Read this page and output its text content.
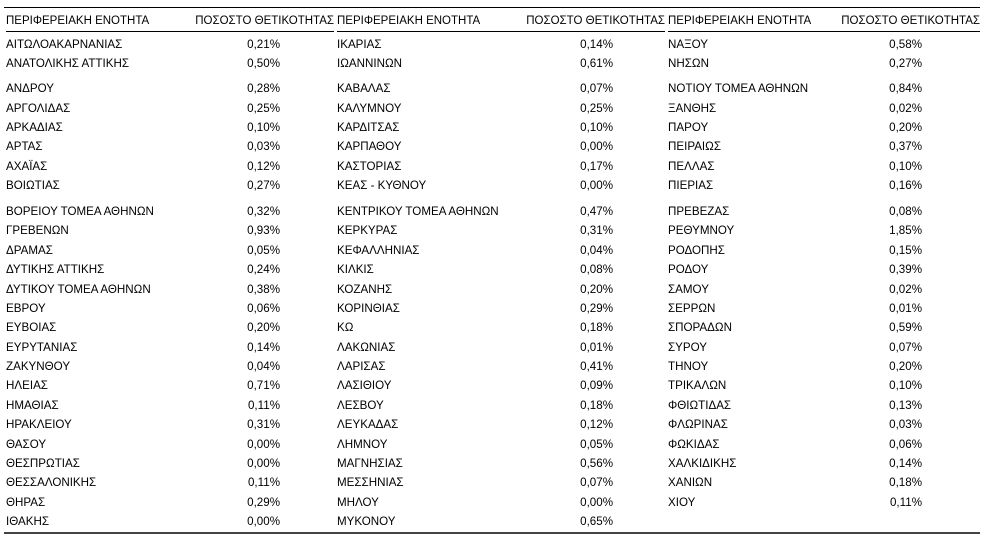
ΠΕΡΙΦΕΡΕΙΑΚΗ ΕΝΟΤΗΤΑ	ΠΟΣΟΣΤΟ ΘΕΤΙΚΟΤΗΤΑΣ
ΑΙΤΩΛΟΑΚΑΡΝΑΝΙΑΣ	0,21%
ΑΝΑΤΟΛΙΚΗΣ ΑΤΤΙΚΗΣ	0,50%
ΑΝΔΡΟΥ	0,28%
ΑΡΓΟΛΙΔΑΣ	0,25%
ΑΡΚΑΔΙΑΣ	0,10%
ΑΡΤΑΣ	0,03%
ΑΧΑΪΑΣ	0,12%
ΒΟΙΩΤΙΑΣ	0,27%
ΒΟΡΕΙΟΥ ΤΟΜΕΑ ΑΘΗΝΩΝ	0,32%
ΓΡΕΒΕΝΩΝ	0,93%
ΔΡΑΜΑΣ	0,05%
ΔΥΤΙΚΗΣ ΑΤΤΙΚΗΣ	0,24%
ΔΥΤΙΚΟΥ ΤΟΜΕΑ ΑΘΗΝΩΝ	0,38%
ΕΒΡΟΥ	0,06%
ΕΥΒΟΙΑΣ	0,20%
ΕΥΡΥΤΑΝΙΑΣ	0,14%
ΖΑΚΥΝΘΟΥ	0,04%
ΗΛΕΙΑΣ	0,71%
ΗΜΑΘΙΑΣ	0,11%
ΗΡΑΚΛΕΙΟΥ	0,31%
ΘΑΣΟΥ	0,00%
ΘΕΣΠΡΩΤΙΑΣ	0,00%
ΘΕΣΣΑΛΟΝΙΚΗΣ	0,11%
ΘΗΡΑΣ	0,29%
ΙΘΑΚΗΣ	0,00%
ΠΕΡΙΦΕΡΕΙΑΚΗ ΕΝΟΤΗΤΑ	ΠΟΣΟΣΤΟ ΘΕΤΙΚΟΤΗΤΑΣ
ΙΚΑΡΙΑΣ	0,14%
ΙΩΑΝΝΙΝΩΝ	0,61%
ΚΑΒΑΛΑΣ	0,07%
ΚΑΛΥΜΝΟΥ	0,25%
ΚΑΡΔΙΤΣΑΣ	0,10%
ΚΑΡΠΑΘΟΥ	0,00%
ΚΑΣΤΟΡΙΑΣ	0,17%
ΚΕΑΣ - ΚΥΘΝΟΥ	0,00%
ΚΕΝΤΡΙΚΟΥ ΤΟΜΕΑ ΑΘΗΝΩΝ	0,47%
ΚΕΡΚΥΡΑΣ	0,31%
ΚΕΦΑΛΛΗΝΙΑΣ	0,04%
ΚΙΛΚΙΣ	0,08%
ΚΟΖΑΝΗΣ	0,20%
ΚΟΡΙΝΘΙΑΣ	0,29%
ΚΩ	0,18%
ΛΑΚΩΝΙΑΣ	0,01%
ΛΑΡΙΣΑΣ	0,41%
ΛΑΣΙΘΙΟΥ	0,09%
ΛΕΣΒΟΥ	0,18%
ΛΕΥΚΑΔΑΣ	0,12%
ΛΗΜΝΟΥ	0,05%
ΜΑΓΝΗΣΙΑΣ	0,56%
ΜΕΣΣΗΝΙΑΣ	0,07%
ΜΗΛΟΥ	0,00%
ΜΥΚΟΝΟΥ	0,65%
ΠΕΡΙΦΕΡΕΙΑΚΗ ΕΝΟΤΗΤΑ	ΠΟΣΟΣΤΟ ΘΕΤΙΚΟΤΗΤΑΣ
ΝΑΞΟΥ	0,58%
ΝΗΣΩΝ	0,27%
ΝΟΤΙΟΥ ΤΟΜΕΑ ΑΘΗΝΩΝ	0,84%
ΞΑΝΘΗΣ	0,02%
ΠΑΡΟΥ	0,20%
ΠΕΙΡΑΙΩΣ	0,37%
ΠΕΛΛΑΣ	0,10%
ΠΙΕΡΙΑΣ	0,16%
ΠΡΕΒΕΖΑΣ	0,08%
ΡΕΘΥΜΝΟΥ	1,85%
ΡΟΔΟΠΗΣ	0,15%
ΡΟΔΟΥ	0,39%
ΣΑΜΟΥ	0,02%
ΣΕΡΡΩΝ	0,01%
ΣΠΟΡΑΔΩΝ	0,59%
ΣΥΡΟΥ	0,07%
ΤΗΝΟΥ	0,20%
ΤΡΙΚΑΛΩΝ	0,10%
ΦΘΙΩΤΙΔΑΣ	0,13%
ΦΛΩΡΙΝΑΣ	0,03%
ΦΩΚΙΔΑΣ	0,06%
ΧΑΛΚΙΔΙΚΗΣ	0,14%
ΧΑΝΙΩΝ	0,18%
ΧΙΟΥ	0,11%
